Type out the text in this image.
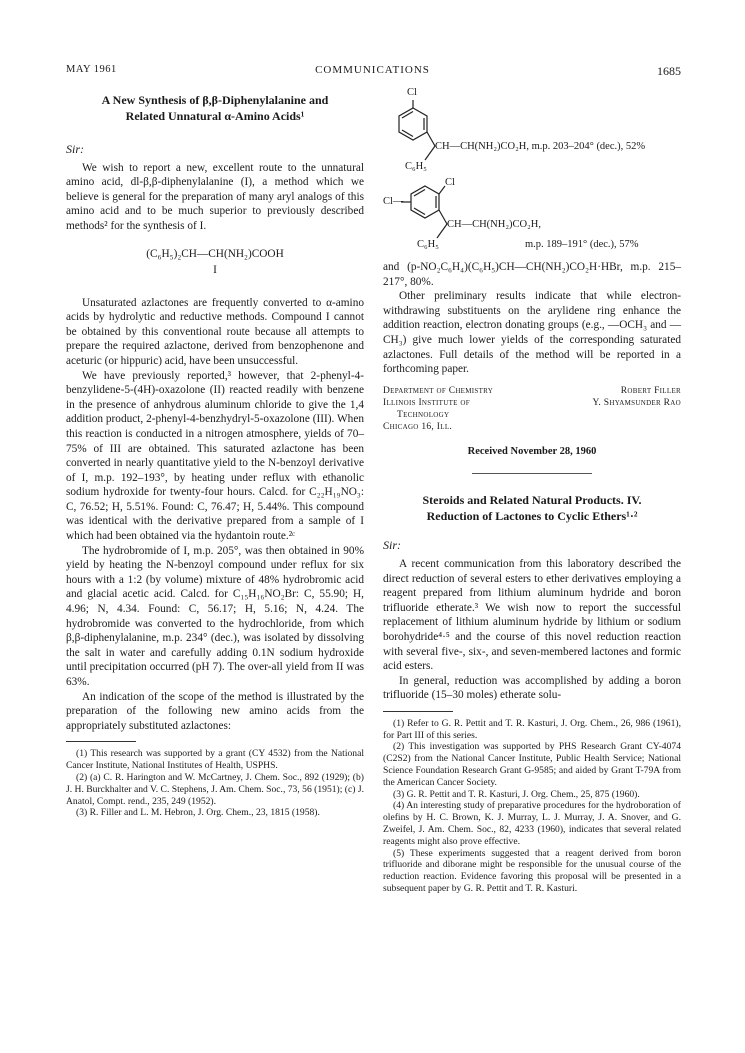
MAY 1961	COMMUNICATIONS	1685
A New Synthesis of β,β-Diphenylalanine and
Related Unnatural α-Amino Acids¹
Sir:

We wish to report a new, excellent route to the unnatural amino acid, dl-β,β-diphenylalanine (I), a method which we believe is general for the preparation of many aryl analogs of this amino acid and to be much superior to previously described methods² for the synthesis of I.

(C₆H₅)₂CH—CH(NH₂)COOH
I

Unsaturated azlactones are frequently converted to α-amino acids by hydrolytic and reductive methods. Compound I cannot be obtained by this conventional route because all attempts to prepare the required azlactone, derived from benzophenone and aceturic (or hippuric) acid, have been unsuccessful.

We have previously reported,³ however, that 2-phenyl-4-benzylidene-5-(4H)-oxazolone (II) reacted readily with benzene in the presence of anhydrous aluminum chloride to give the 1,4 addition product, 2-phenyl-4-benzhydryl-5-oxazolone (III). When this reaction is conducted in a nitrogen atmosphere, yields of 70–75% of III are obtained. This saturated azlactone has been converted in nearly quantitative yield to the N-benzoyl derivative of I, m.p. 192–193°, by heating under reflux with ethanolic sodium hydroxide for twenty-four hours. Calcd. for C₂₂H₁₉NO₃: C, 76.52; H, 5.51%. Found: C, 76.47; H, 5.44%. This compound was identical with the derivative prepared from a sample of I which had been obtained via the hydantoin route.²ᶜ

The hydrobromide of I, m.p. 205°, was then obtained in 90% yield by heating the N-benzoyl compound under reflux for six hours with a 1:2 (by volume) mixture of 48% hydrobromic acid and glacial acetic acid. Calcd. for C₁₅H₁₆NO₂Br: C, 55.90; H, 4.96; N, 4.34. Found: C, 56.17; H, 5.16; N, 4.24. The hydrobromide was converted to the hydrochloride, from which β,β-diphenylalanine, m.p. 234° (dec.), was isolated by dissolving the salt in water and carefully adding 0.1N sodium hydroxide until precipitation occurred (pH 7). The over-all yield from II was 63%.

An indication of the scope of the method is illustrated by the preparation of the following new amino acids from the appropriately substituted azlactones:

(1) This research was supported by a grant (CY 4532) from the National Cancer Institute, National Institutes of Health, USPHS.

(2) (a) C. R. Harington and W. McCartney, J. Chem. Soc., 892 (1929); (b) J. H. Burckhalter and V. C. Stephens, J. Am. Chem. Soc., 73, 56 (1951); (c) J. Anatol, Compt. rend., 235, 249 (1952).

(3) R. Filler and L. M. Hebron, J. Org. Chem., 23, 1815 (1958).

Cl
CH—CH(NH₂)CO₂H, m.p. 203–204° (dec.), 52%
C₆H₅
Cl
Cl—
CH—CH(NH₂)CO₂H,
C₆H₅	m.p. 189–191° (dec.), 57%

and (p-NO₂C₆H₄)(C₆H₅)CH—CH(NH₂)CO₂H·HBr, m.p. 215–217°, 80%.

Other preliminary results indicate that while electron-withdrawing substituents on the arylidene ring enhance the addition reaction, electron donating groups (e.g., —OCH₃ and —CH₃) give much lower yields of the corresponding saturated azlactones. Full details of the method will be reported in a forthcoming paper.

Department of Chemistry
Illinois Institute of
Technology
Chicago 16, Ill.
Robert Filler
Y. Shyamsunder Rao
Received November 28, 1960
Steroids and Related Natural Products. IV.
Reduction of Lactones to Cyclic Ethers¹·²
Sir:

A recent communication from this laboratory described the direct reduction of several esters to ether derivatives employing a reagent prepared from lithium aluminum hydride and boron trifluoride etherate.³ We wish now to report the successful replacement of lithium aluminum hydride by lithium or sodium borohydride⁴·⁵ and the course of this novel reduction reaction with several five-, six-, and seven-membered lactones and formic acid esters.

In general, reduction was accomplished by adding a boron trifluoride (15–30 moles) etherate solu-

(1) Refer to G. R. Pettit and T. R. Kasturi, J. Org. Chem., 26, 986 (1961), for Part III of this series.

(2) This investigation was supported by PHS Research Grant CY-4074 (C2S2) from the National Cancer Institute, Public Health Service; National Science Foundation Research Grant G-9585; and aided by Grant T-79A from the American Cancer Society.

(3) G. R. Pettit and T. R. Kasturi, J. Org. Chem., 25, 875 (1960).

(4) An interesting study of preparative procedures for the hydroboration of olefins by H. C. Brown, K. J. Murray, L. J. Murray, J. A. Snover, and G. Zweifel, J. Am. Chem. Soc., 82, 4233 (1960), indicates that several related reagents might also prove effective.

(5) These experiments suggested that a reagent derived from boron trifluoride and diborane might be responsible for the unusual course of the reduction reaction. Evidence favoring this proposal will be presented in a subsequent paper by G. R. Pettit and T. R. Kasturi.
